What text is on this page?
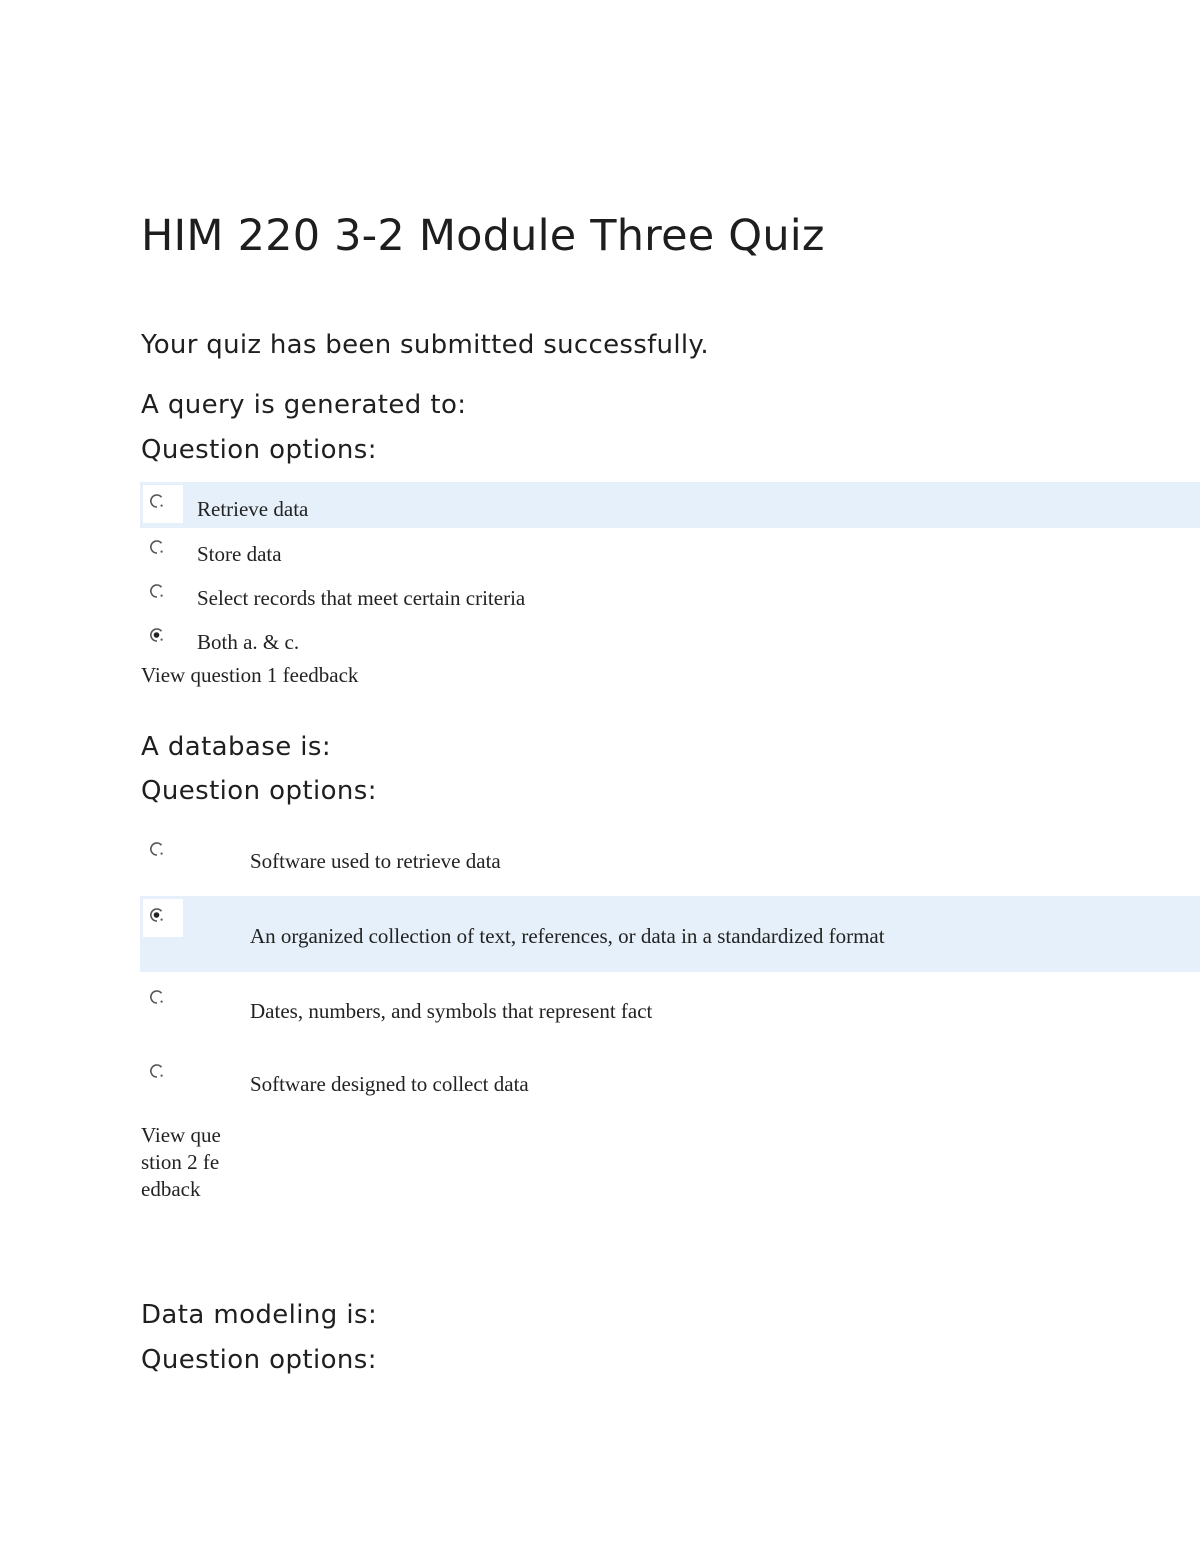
HIM 220 3-2 Module Three Quiz
Your quiz has been submitted successfully.
A query is generated to:
Question options:
Retrieve data
Store data
Select records that meet certain criteria
Both a. & c.
View question 1 feedback
A database is:
Question options:
Software used to retrieve data
An organized collection of text, references, or data in a standardized format
Dates, numbers, and symbols that represent fact
Software designed to collect data
View question 2 feedback
Data modeling is:
Question options:
